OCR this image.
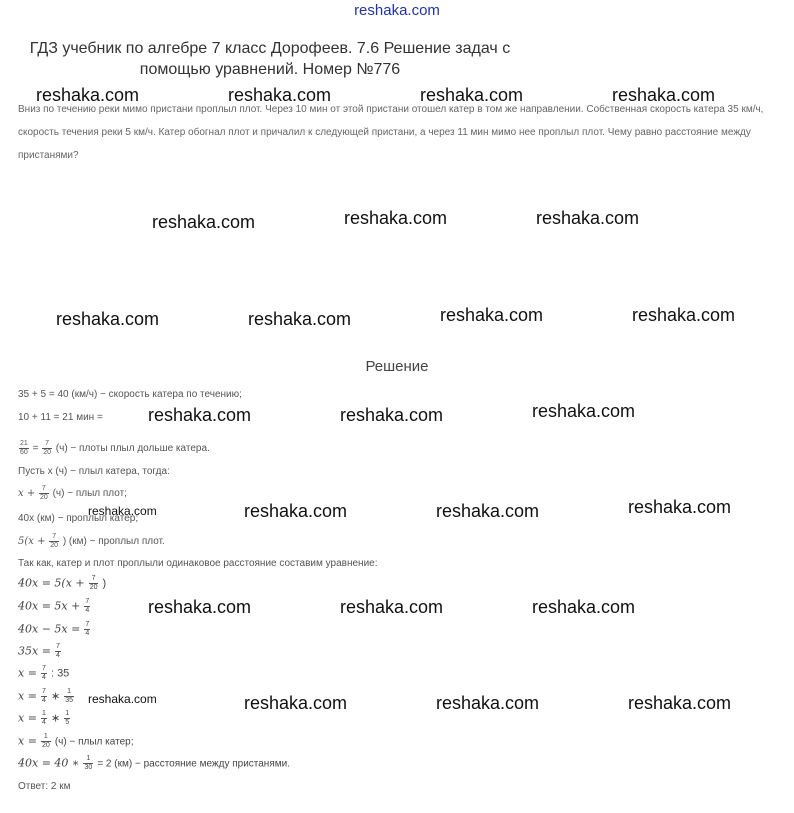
reshaka.com
ГДЗ учебник по алгебре 7 класс Дорофеев. 7.6 Решение задач с помощью уравнений. Номер №776
Вниз по течению реки мимо пристани проплыл плот. Через 10 мин от этой пристани отошел катер в том же направлении. Собственная скорость катера 35 км/ч, скорость течения реки 5 км/ч. Катер обогнал плот и причалил к следующей пристани, а через 11 мин мимо нее проплыл плот. Чему равно расстояние между пристанями?
reshaka.com	reshaka.com	reshaka.com	reshaka.com
reshaka.com	reshaka.com	reshaka.com
reshaka.com	reshaka.com	reshaka.com	reshaka.com
Решение
35 + 5 = 40 (км/ч) − скорость катера по течению;
10 + 11 = 21 мин =
$\frac{21}{60} = \frac{7}{20} (ч)$ − плоты плыл дольше катера.
Пусть x (ч) − плыл катера, тогда:
$x + \frac{7}{20} (ч)$ − плыл плот;
40x (км) − проплыл катер;
$5(x + \frac{7}{20}$ ) (км) − проплыл плот.
Так как, катер и плот проплыли одинаковое расстояние составим уравнение:
$40x = 5(x + \frac{7}{20}$ )
$40x = 5x + \frac{7}{4}$
$40x - 5x = \frac{7}{4}$
$35x = \frac{7}{4}$
$x = \frac{7}{4}$ : 35
$x = \frac{7}{4}$ ∗ $\frac{1}{35}$
$x = \frac{1}{4}$ ∗ $\frac{1}{5}$
$x = \frac{1}{20} (ч)$ − плыл катер;
40x = 40 ∗ $\frac{1}{30} = 2$ (км) − расстояние между пристанями.
Ответ: 2 км
reshaka.com	reshaka.com	reshaka.com
reshaka.com	reshaka.com	reshaka.com	reshaka.com
reshaka.com	reshaka.com	reshaka.com
reshaka.com	reshaka.com	reshaka.com	reshaka.com
